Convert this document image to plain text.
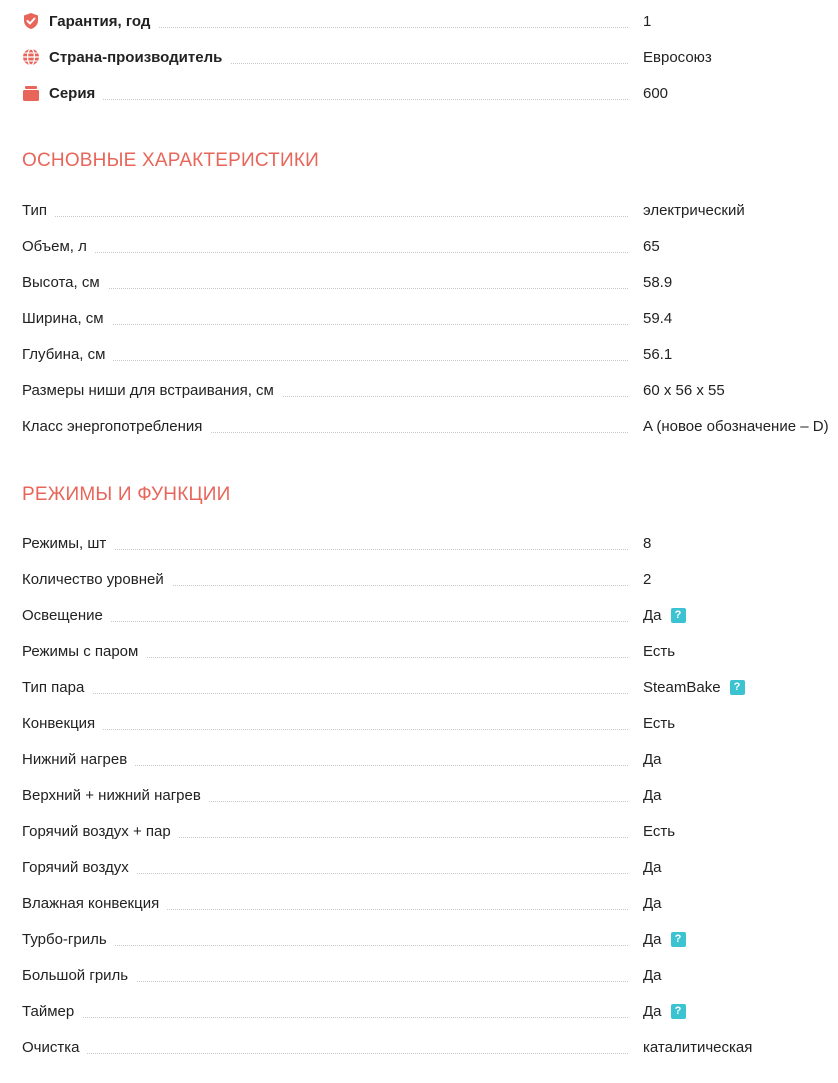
Гарантия, год	1
Страна-производитель	Евросоюз
Серия	600
ОСНОВНЫЕ ХАРАКТЕРИСТИКИ
Тип	электрический
Объем, л	65
Высота, см	58.9
Ширина, см	59.4
Глубина, см	56.1
Размеры ниши для встраивания, см	60 x 56 x 55
Класс энергопотребления	A (новое обозначение – D)
РЕЖИМЫ И ФУНКЦИИ
Режимы, шт	8
Количество уровней	2
Освещение	Да	?
Режимы с паром	Есть
Тип пара	SteamBake	?
Конвекция	Есть
Нижний нагрев	Да
Верхний + нижний нагрев	Да
Горячий воздух + пар	Есть
Горячий воздух	Да
Влажная конвекция	Да
Турбо-гриль	Да	?
Большой гриль	Да
Таймер	Да	?
Очистка	каталитическая
